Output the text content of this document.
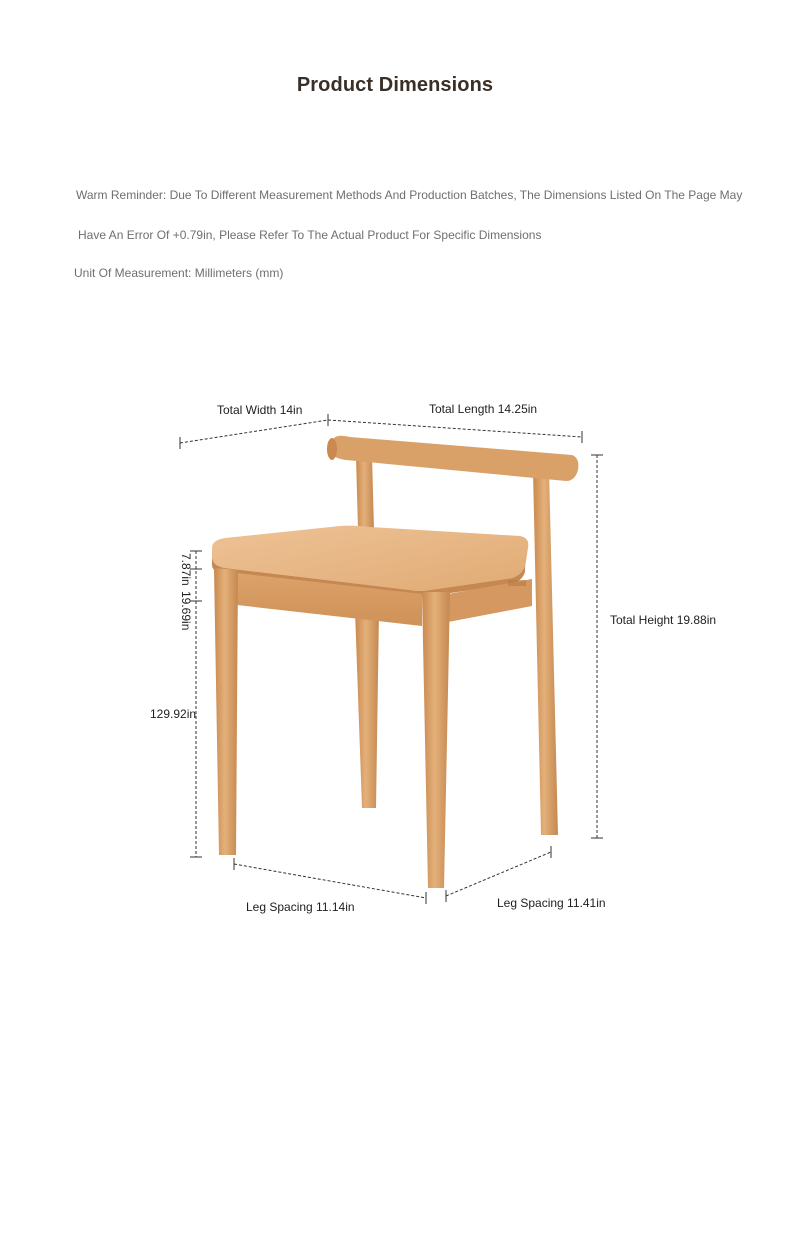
Product Dimensions
Warm Reminder: Due To Different Measurement Methods And Production Batches, The Dimensions Listed On The Page May
Have An Error Of +0.79in, Please Refer To The Actual Product For Specific Dimensions
Unit Of Measurement: Millimeters (mm)
Total Width 14in	Total Length 14.25in
Total Height 19.88in
7.87in
19.69in
129.92in
Leg Spacing 11.14in	Leg Spacing 11.41in
